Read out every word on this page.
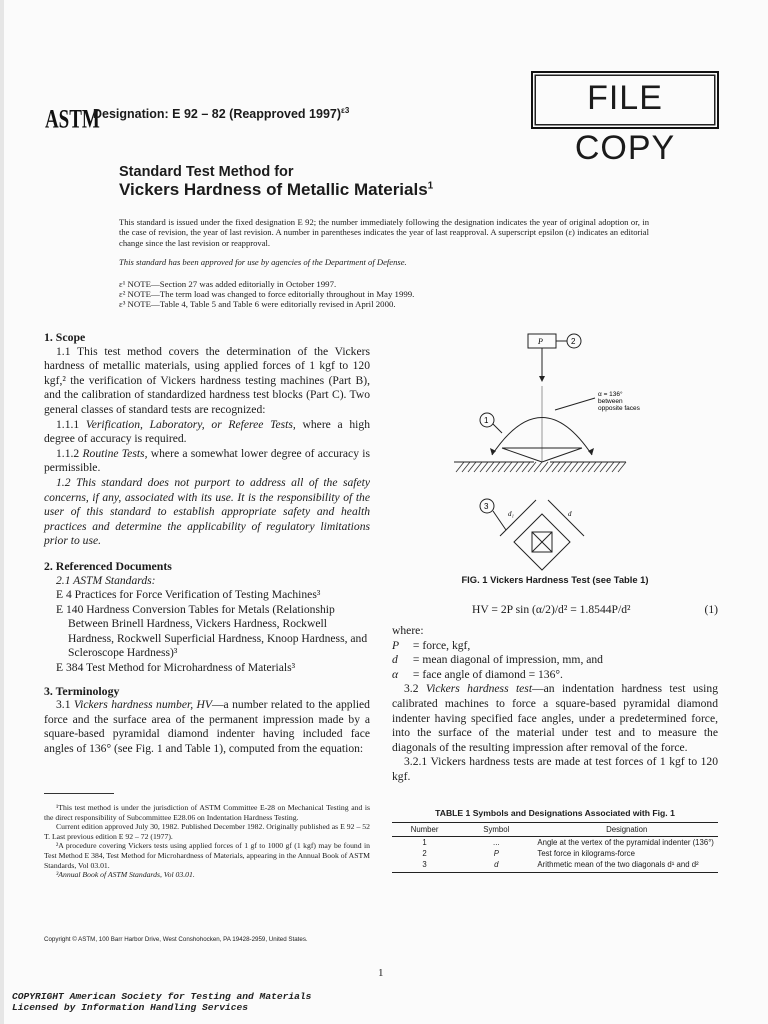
FILE COPY
ASTM
Designation: E 92 – 82 (Reapproved 1997)$^{\varepsilon 3}$
Standard Test Method for
Vickers Hardness of Metallic Materials$^1$
This standard is issued under the fixed designation E 92; the number immediately following the designation indicates the year of original adoption or, in the case of revision, the year of last revision. A number in parentheses indicates the year of last reapproval. A superscript epsilon (ε) indicates an editorial change since the last revision or reapproval.
This standard has been approved for use by agencies of the Department of Defense.
ε¹ NOTE—Section 27 was added editorially in October 1997.
ε² NOTE—The term load was changed to force editorially throughout in May 1999.
ε³ NOTE—Table 4, Table 5 and Table 6 were editorially revised in April 2000.
1. Scope
1.1 This test method covers the determination of the Vickers hardness of metallic materials, using applied forces of 1 kgf to 120 kgf,² the verification of Vickers hardness testing machines (Part B), and the calibration of standardized hardness test blocks (Part C). Two general classes of standard tests are recognized:
1.1.1 Verification, Laboratory, or Referee Tests, where a high degree of accuracy is required.
1.1.2 Routine Tests, where a somewhat lower degree of accuracy is permissible.
1.2 This standard does not purport to address all of the safety concerns, if any, associated with its use. It is the responsibility of the user of this standard to establish appropriate safety and health practices and determine the applicability of regulatory limitations prior to use.
2. Referenced Documents
2.1 ASTM Standards:
E 4 Practices for Force Verification of Testing Machines³
E 140 Hardness Conversion Tables for Metals (Relationship Between Brinell Hardness, Vickers Hardness, Rockwell Hardness, Rockwell Superficial Hardness, Knoop Hardness, and Scleroscope Hardness)³
E 384 Test Method for Microhardness of Materials³
3. Terminology
3.1 Vickers hardness number, HV—a number related to the applied force and the surface area of the permanent impression made by a square-based pyramidal diamond indenter having included face angles of 136° (see Fig. 1 and Table 1), computed from the equation:
¹This test method is under the jurisdiction of ASTM Committee E-28 on Mechanical Testing and is the direct responsibility of Subcommittee E28.06 on Indentation Hardness Testing.
Current edition approved July 30, 1982. Published December 1982. Originally published as E 92 – 52 T. Last previous edition E 92 – 72 (1977).
²A procedure covering Vickers tests using applied forces of 1 gf to 1000 gf (1 kgf) may be found in Test Method E 384, Test Method for Microhardness of Materials, appearing in the Annual Book of ASTM Standards, Vol 03.01.
³Annual Book of ASTM Standards, Vol 03.01.
Copyright © ASTM, 100 Barr Harbor Drive, West Conshohocken, PA 19428-2959, United States.
P	2
1
α = 136°
between
opposite faces
d₁	d
3
FIG. 1 Vickers Hardness Test (see Table 1)
HV = 2P sin (α/2)/d² = 1.8544P/d²	(1)
where:
P = force, kgf,
d = mean diagonal of impression, mm, and
α = face angle of diamond = 136°.
3.2 Vickers hardness test—an indentation hardness test using calibrated machines to force a square-based pyramidal diamond indenter having specified face angles, under a predetermined force, into the surface of the material under test and to measure the diagonals of the resulting impression after removal of the force.
3.2.1 Vickers hardness tests are made at test forces of 1 kgf to 120 kgf.
TABLE 1 Symbols and Designations Associated with Fig. 1
Number	Symbol	Designation
1	...	Angle at the vertex of the pyramidal indenter (136°)
2	P	Test force in kilograms-force
3	d	Arithmetic mean of the two diagonals d¹ and d²
1
COPYRIGHT American Society for Testing and Materials
Licensed by Information Handling Services
